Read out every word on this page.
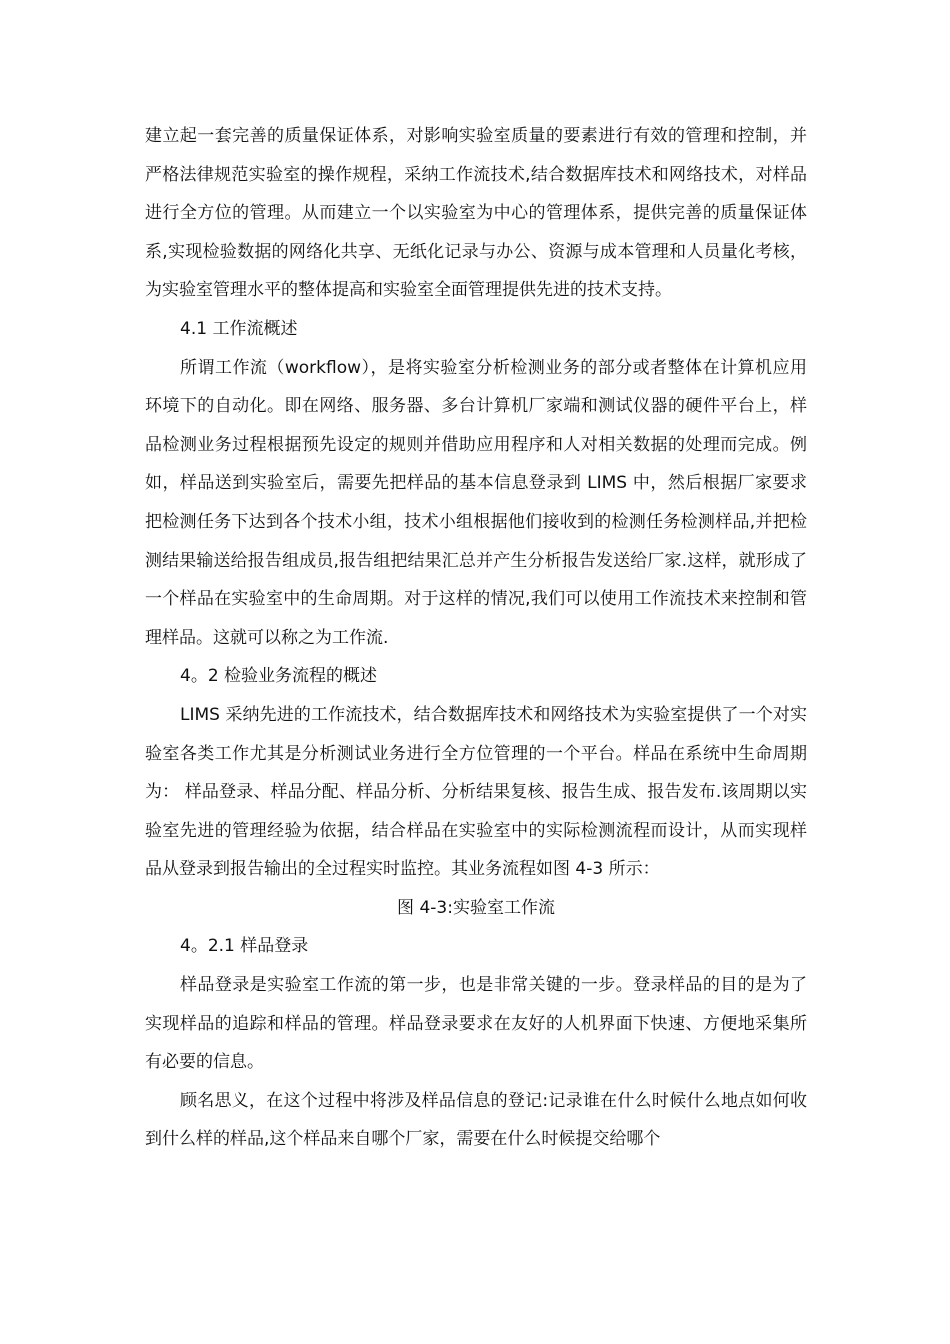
建立起一套完善的质量保证体系，对影响实验室质量的要素进行有效的管理和控制，并严格法律规范实验室的操作规程，采纳工作流技术,结合数据库技术和网络技术，对样品进行全方位的管理。从而建立一个以实验室为中心的管理体系，提供完善的质量保证体系,实现检验数据的网络化共享、无纸化记录与办公、资源与成本管理和人员量化考核，为实验室管理水平的整体提高和实验室全面管理提供先进的技术支持。

4.1 工作流概述

所谓工作流（workflow），是将实验室分析检测业务的部分或者整体在计算机应用环境下的自动化。即在网络、服务器、多台计算机厂家端和测试仪器的硬件平台上，样品检测业务过程根据预先设定的规则并借助应用程序和人对相关数据的处理而完成。例如，样品送到实验室后，需要先把样品的基本信息登录到 LIMS 中，然后根据厂家要求把检测任务下达到各个技术小组，技术小组根据他们接收到的检测任务检测样品,并把检测结果输送给报告组成员,报告组把结果汇总并产生分析报告发送给厂家.这样，就形成了一个样品在实验室中的生命周期。对于这样的情况,我们可以使用工作流技术来控制和管理样品。这就可以称之为工作流.

4。2 检验业务流程的概述

LIMS 采纳先进的工作流技术，结合数据库技术和网络技术为实验室提供了一个对实验室各类工作尤其是分析测试业务进行全方位管理的一个平台。样品在系统中生命周期为： 样品登录、样品分配、样品分析、分析结果复核、报告生成、报告发布.该周期以实验室先进的管理经验为依据，结合样品在实验室中的实际检测流程而设计，从而实现样品从登录到报告输出的全过程实时监控。其业务流程如图 4-3 所示：

图 4-3:实验室工作流

4。2.1 样品登录

样品登录是实验室工作流的第一步，也是非常关键的一步。登录样品的目的是为了实现样品的追踪和样品的管理。样品登录要求在友好的人机界面下快速、方便地采集所有必要的信息。

顾名思义，在这个过程中将涉及样品信息的登记:记录谁在什么时候什么地点如何收到什么样的样品,这个样品来自哪个厂家，需要在什么时候提交给哪个
